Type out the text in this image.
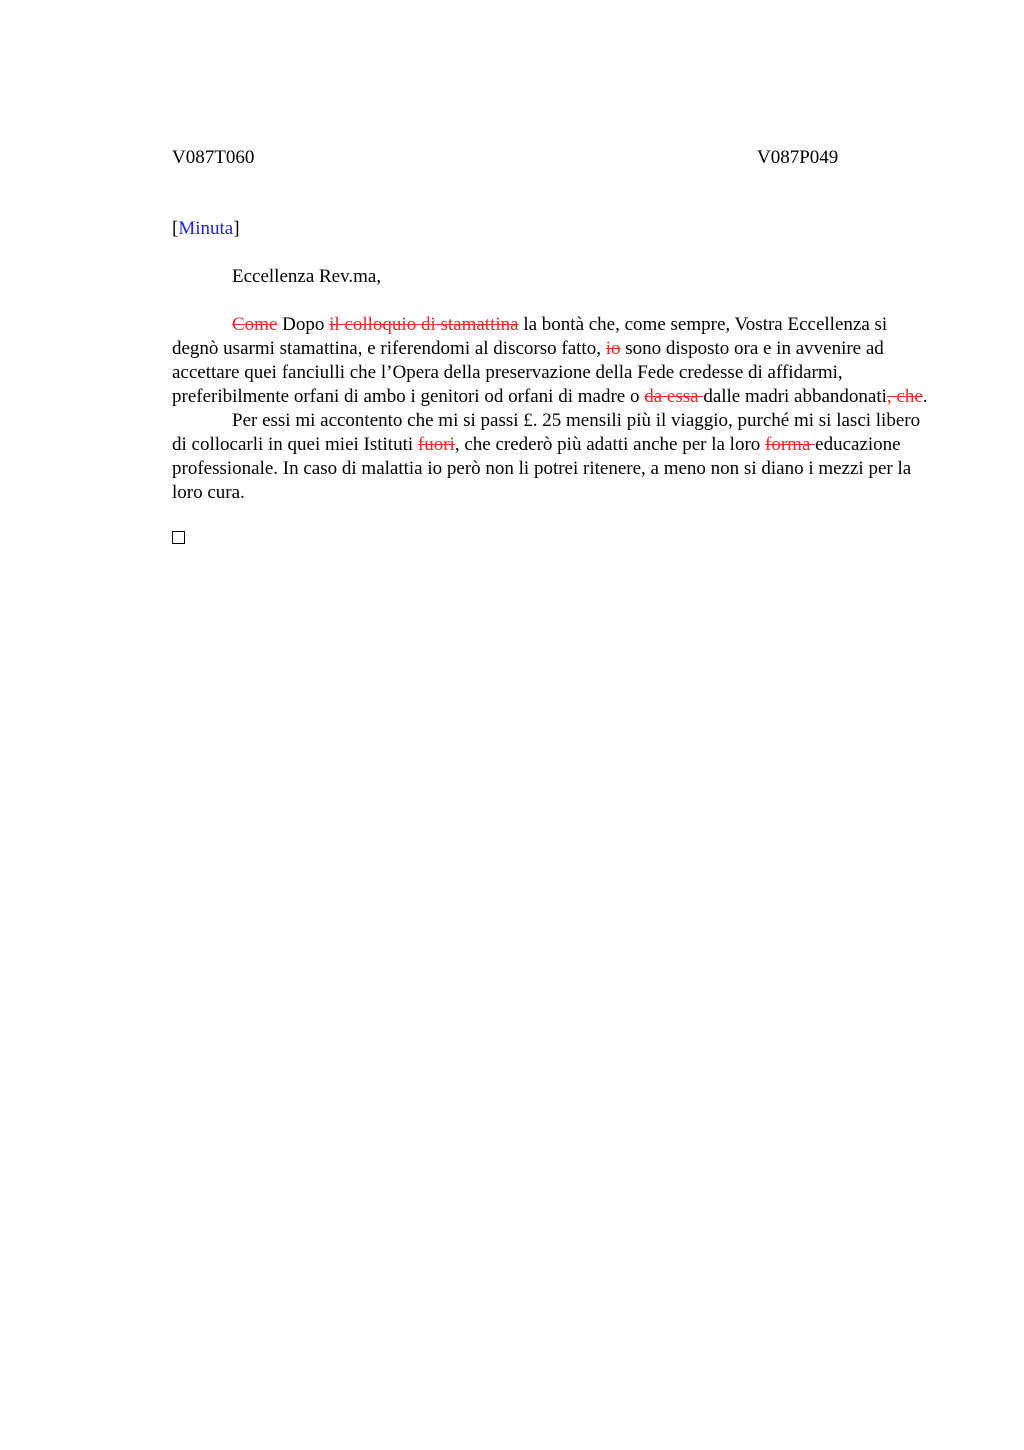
V087T060	V087P049
[Minuta]
Eccellenza Rev.ma,

Come Dopo il colloquio di stamattina la bontà che, come sempre, Vostra Eccellenza si degnò usarmi stamattina, e riferendomi al discorso fatto, io sono disposto ora e in avvenire ad accettare quei fanciulli che l’Opera della preservazione della Fede credesse di affidarmi, preferibilmente orfani di ambo i genitori od orfani di madre o da essa dalle madri abbandonati, che.

Per essi mi accontento che mi si passi £. 25 mensili più il viaggio, purché mi si lasci libero di collocarli in quei miei Istituti fuori, che crederò più adatti anche per la loro forma educazione professionale. In caso di malattia io però non li potrei ritenere, a meno non si diano i mezzi per la loro cura.
